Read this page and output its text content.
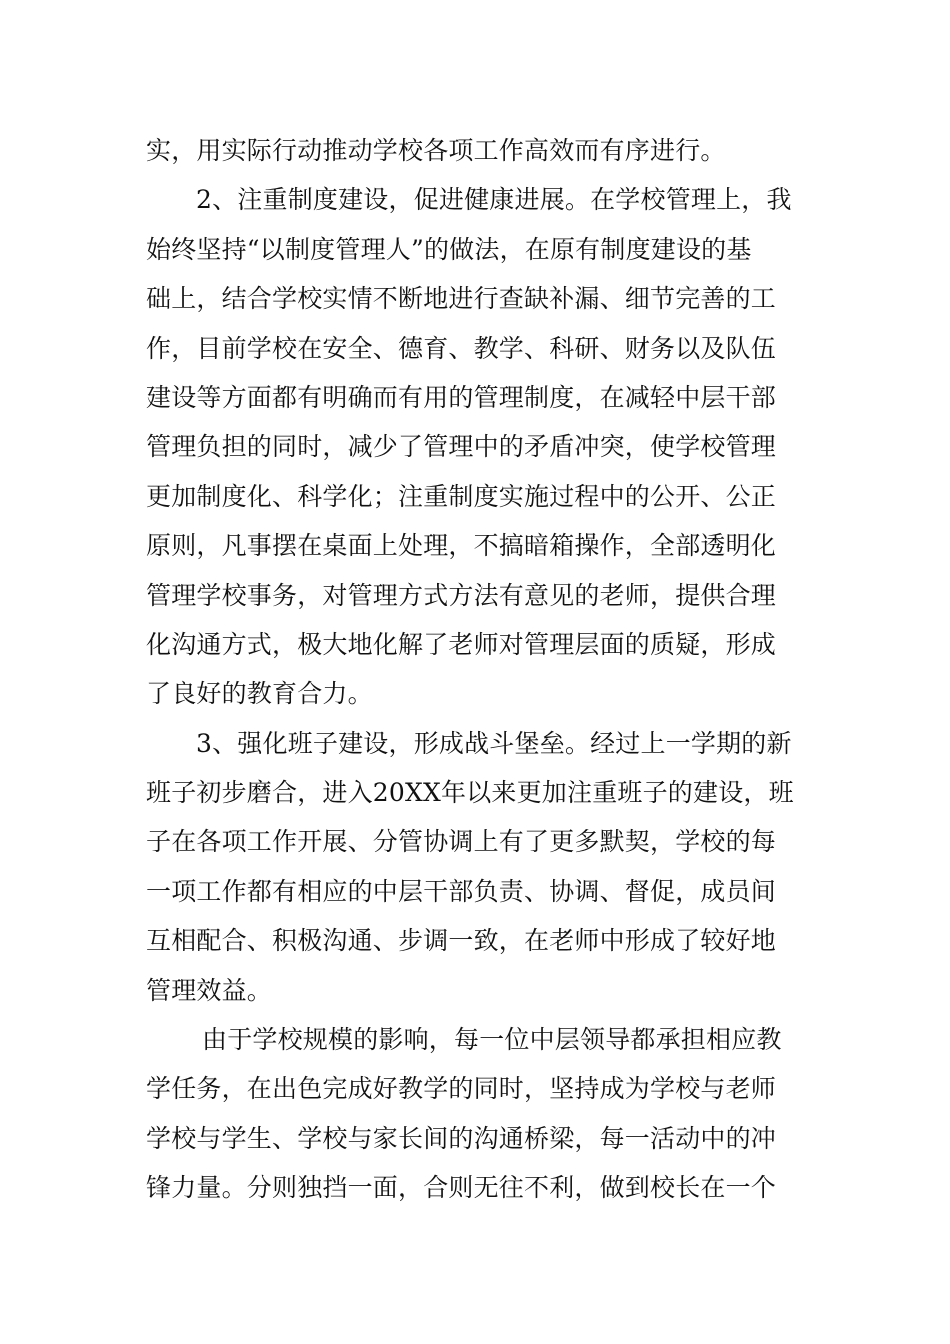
实，用实际行动推动学校各项工作高效而有序进行。
2、注重制度建设，促进健康进展。在学校管理上，我
始终坚持“以制度管理人”的做法，在原有制度建设的基
础上，结合学校实情不断地进行查缺补漏、细节完善的工
作，目前学校在安全、德育、教学、科研、财务以及队伍
建设等方面都有明确而有用的管理制度，在减轻中层干部
管理负担的同时，减少了管理中的矛盾冲突，使学校管理
更加制度化、科学化；注重制度实施过程中的公开、公正
原则，凡事摆在桌面上处理，不搞暗箱操作，全部透明化
管理学校事务，对管理方式方法有意见的老师，提供合理
化沟通方式，极大地化解了老师对管理层面的质疑，形成
了良好的教育合力。
3、强化班子建设，形成战斗堡垒。经过上一学期的新
班子初步磨合，进入20XX年以来更加注重班子的建设，班
子在各项工作开展、分管协调上有了更多默契，学校的每
一项工作都有相应的中层干部负责、协调、督促，成员间
互相配合、积极沟通、步调一致，在老师中形成了较好地
管理效益。
由于学校规模的影响，每一位中层领导都承担相应教
学任务，在出色完成好教学的同时，坚持成为学校与老师
学校与学生、学校与家长间的沟通桥梁，每一活动中的冲
锋力量。分则独挡一面，合则无往不利，做到校长在一个
